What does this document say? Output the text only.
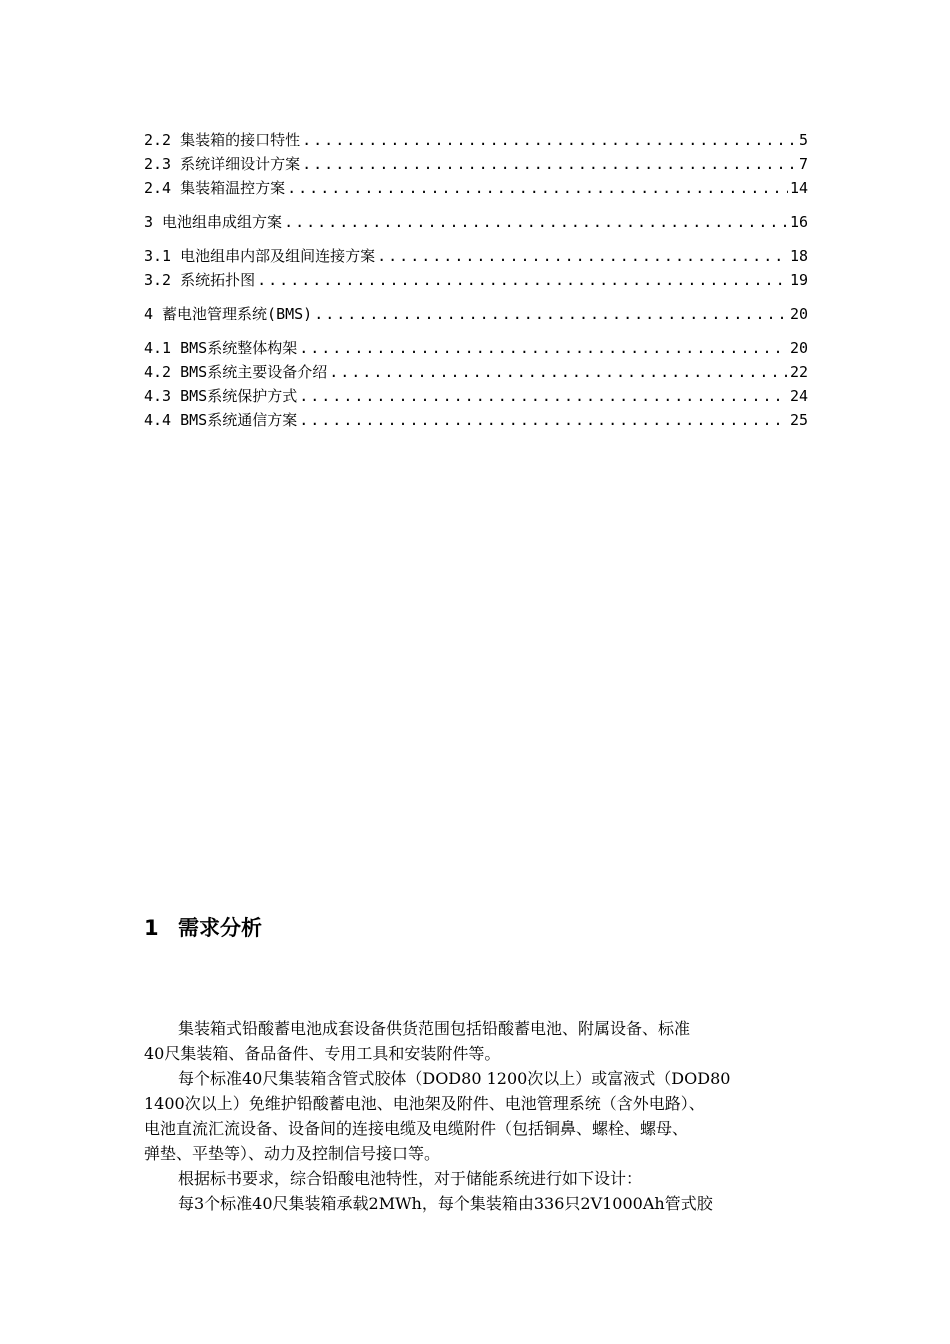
2.2 集装箱的接口特性 .....	5
2.3 系统详细设计方案 .....	7
2.4 集装箱温控方案 .....	14
3 电池组串成组方案 .....	16
3.1 电池组串内部及组间连接方案 .....	18
3.2 系统拓扑图 .....	19
4 蓄电池管理系统(BMS) .....	20
4.1 BMS系统整体构架 .....	20
4.2 BMS系统主要设备介绍 .....	22
4.3 BMS系统保护方式 .....	24
4.4 BMS系统通信方案 .....	25
1 需求分析
集装箱式铅酸蓄电池成套设备供货范围包括铅酸蓄电池、附属设备、标准
40尺集装箱、备品备件、专用工具和安装附件等。
每个标准40尺集装箱含管式胶体（DOD80 1200次以上）或富液式（DOD80
1400次以上）免维护铅酸蓄电池、电池架及附件、电池管理系统（含外电路）、
电池直流汇流设备、设备间的连接电缆及电缆附件（包括铜鼻、螺栓、螺母、
弹垫、平垫等）、动力及控制信号接口等。
根据标书要求，综合铅酸电池特性，对于储能系统进行如下设计：
每3个标准40尺集装箱承载2MWh，每个集装箱由336只2V1000Ah管式胶
